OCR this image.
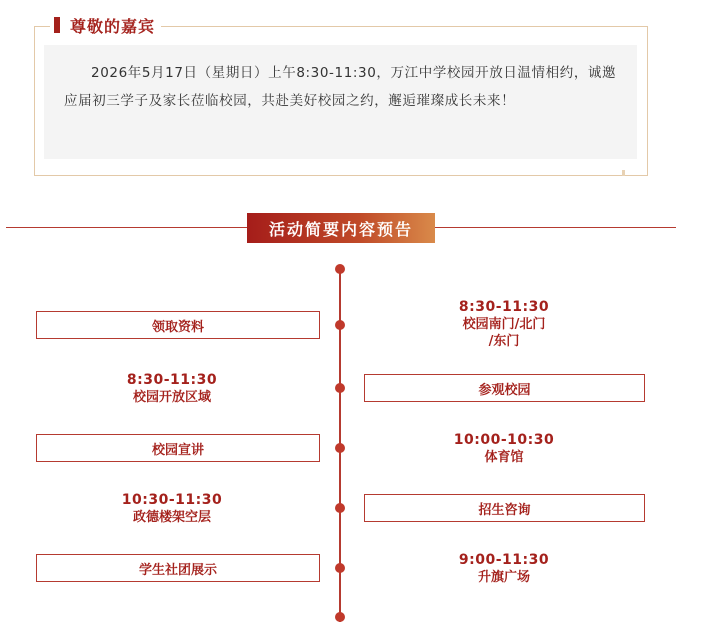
尊敬的嘉宾
2026年5月17日（星期日）上午8:30-11:30，万江中学校园开放日温情相约，诚邀应届初三学子及家长莅临校园，共赴美好校园之约，邂逅璀璨成长未来！
活动简要内容预告
领取资料
8:30-11:30
校园南门/北门
/东门
8:30-11:30
校园开放区域	参观校园
校园宣讲
10:00-10:30
体育馆
10:30-11:30
政德楼架空层	招生咨询
学生社团展示
9:00-11:30
升旗广场
